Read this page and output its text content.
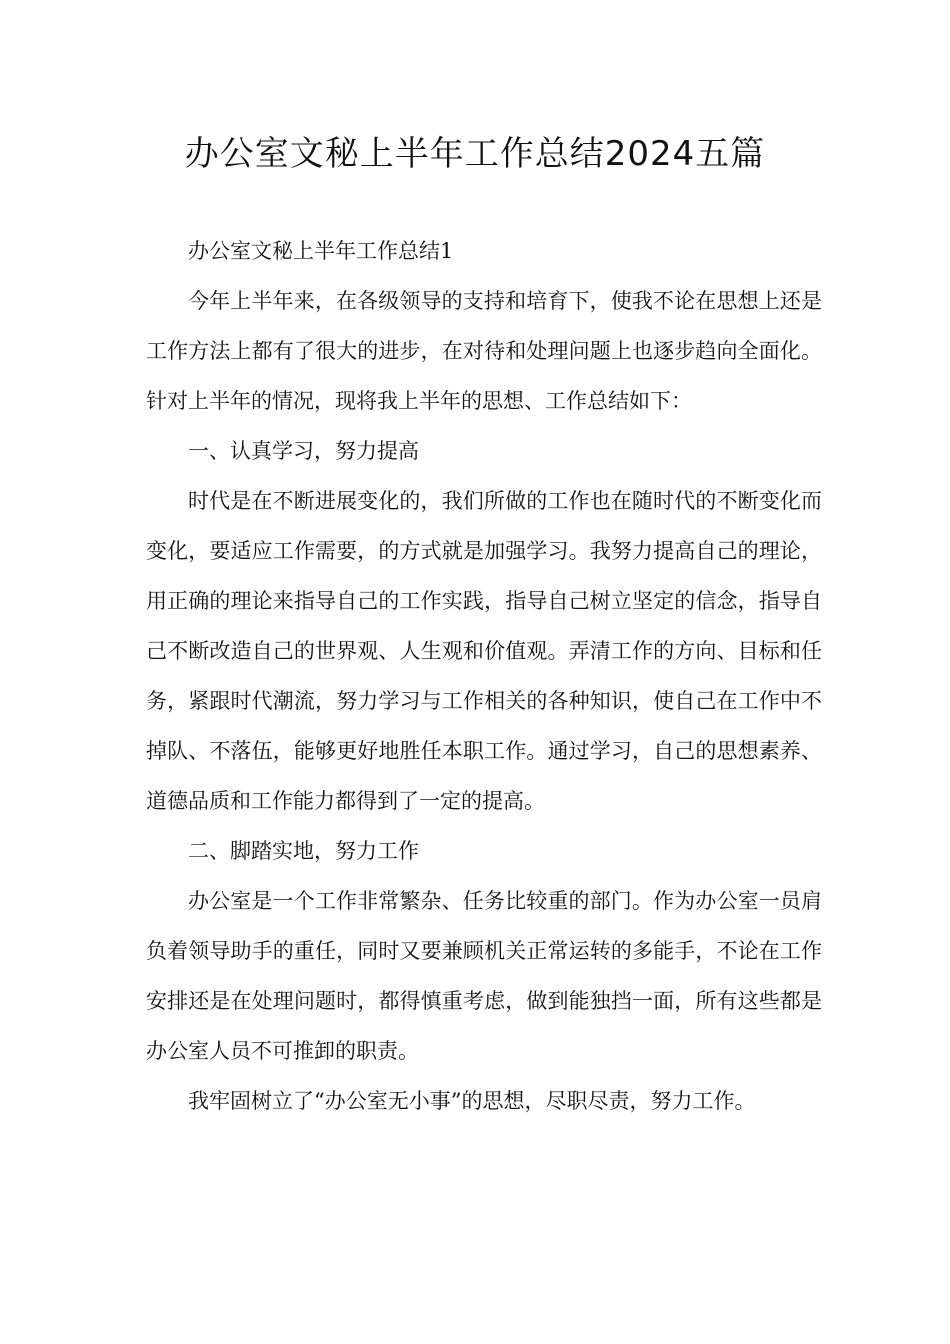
办公室文秘上半年工作总结2024五篇

办公室文秘上半年工作总结1

今年上半年来，在各级领导的支持和培育下，使我不论在思想上还是工作方法上都有了很大的进步，在对待和处理问题上也逐步趋向全面化。针对上半年的情况，现将我上半年的思想、工作总结如下：

一、认真学习，努力提高

时代是在不断进展变化的，我们所做的工作也在随时代的不断变化而变化，要适应工作需要，的方式就是加强学习。我努力提高自己的理论，用正确的理论来指导自己的工作实践，指导自己树立坚定的信念，指导自己不断改造自己的世界观、人生观和价值观。弄清工作的方向、目标和任务，紧跟时代潮流，努力学习与工作相关的各种知识，使自己在工作中不掉队、不落伍，能够更好地胜任本职工作。通过学习，自己的思想素养、道德品质和工作能力都得到了一定的提高。

二、脚踏实地，努力工作

办公室是一个工作非常繁杂、任务比较重的部门。作为办公室一员肩负着领导助手的重任，同时又要兼顾机关正常运转的多能手，不论在工作安排还是在处理问题时，都得慎重考虑，做到能独挡一面，所有这些都是办公室人员不可推卸的职责。

我牢固树立了“办公室无小事”的思想，尽职尽责，努力工作。
